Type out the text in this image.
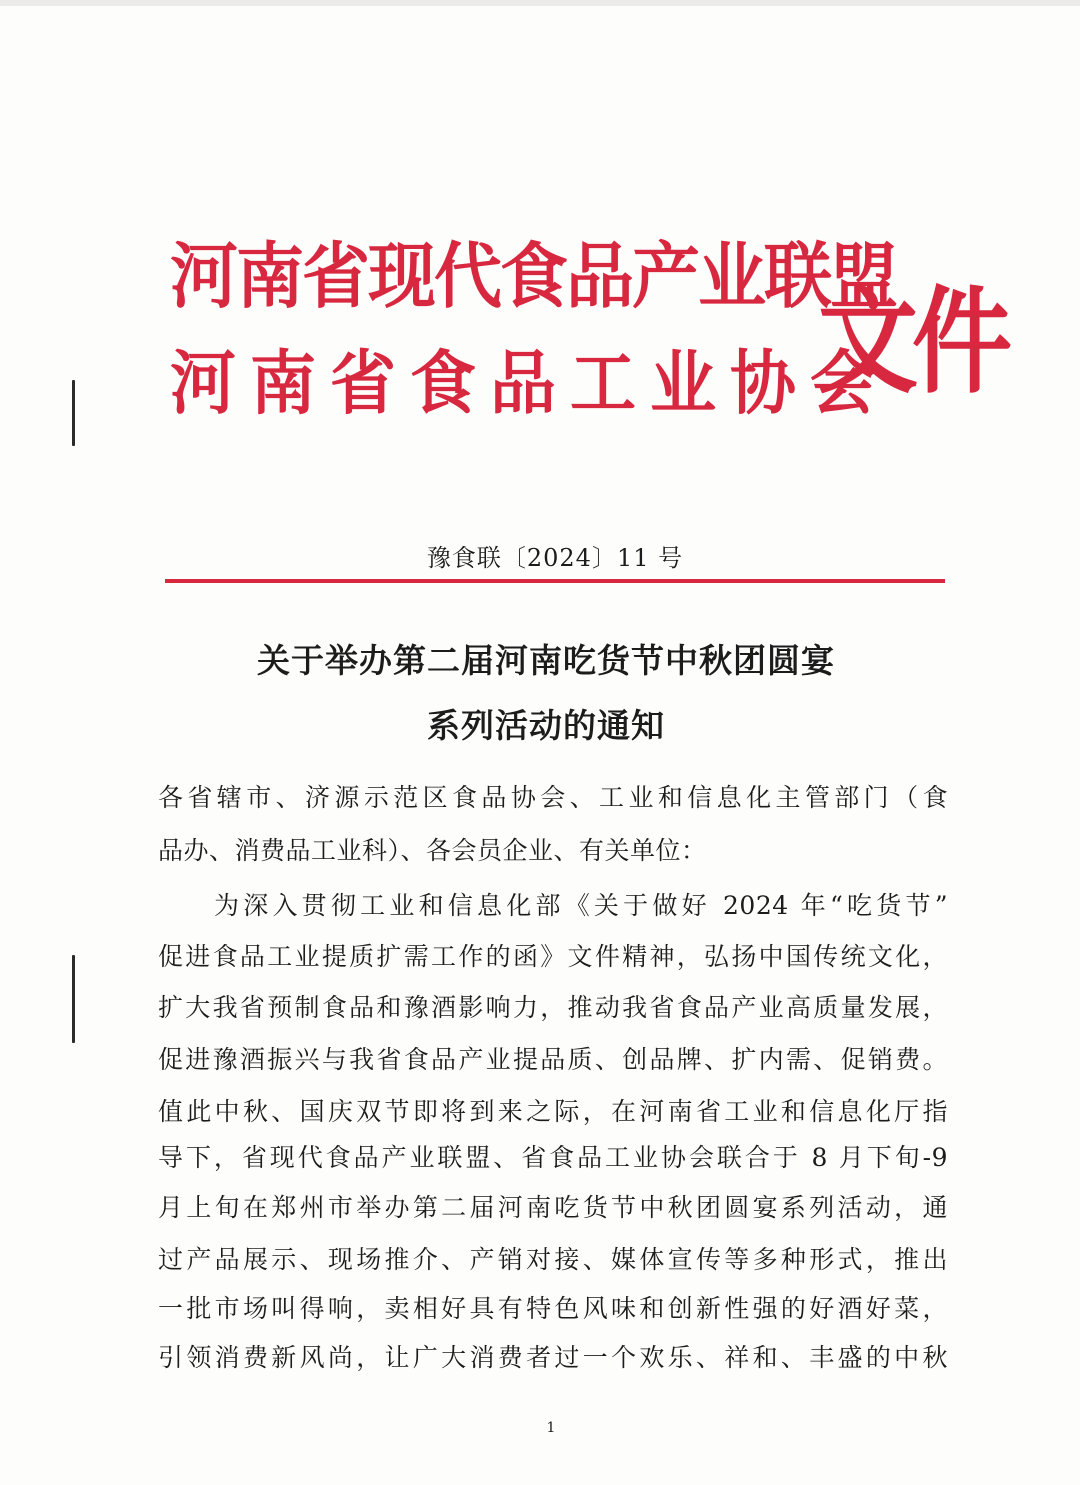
河南省现代食品产业联盟
河南省食品工业协会
文件
豫食联〔2024〕11 号
关于举办第二届河南吃货节中秋团圆宴
系列活动的通知
各省辖市、济源示范区食品协会、工业和信息化主管部门（食
品办、消费品工业科）、各会员企业、有关单位：
为深入贯彻工业和信息化部《关于做好 2024 年“吃货节”
促进食品工业提质扩需工作的函》文件精神，弘扬中国传统文化，
扩大我省预制食品和豫酒影响力，推动我省食品产业高质量发展，
促进豫酒振兴与我省食品产业提品质、创品牌、扩内需、促销费。
值此中秋、国庆双节即将到来之际，在河南省工业和信息化厅指
导下，省现代食品产业联盟、省食品工业协会联合于 8 月下旬-9
月上旬在郑州市举办第二届河南吃货节中秋团圆宴系列活动，通
过产品展示、现场推介、产销对接、媒体宣传等多种形式，推出
一批市场叫得响，卖相好具有特色风味和创新性强的好酒好菜，
引领消费新风尚，让广大消费者过一个欢乐、祥和、丰盛的中秋
1
